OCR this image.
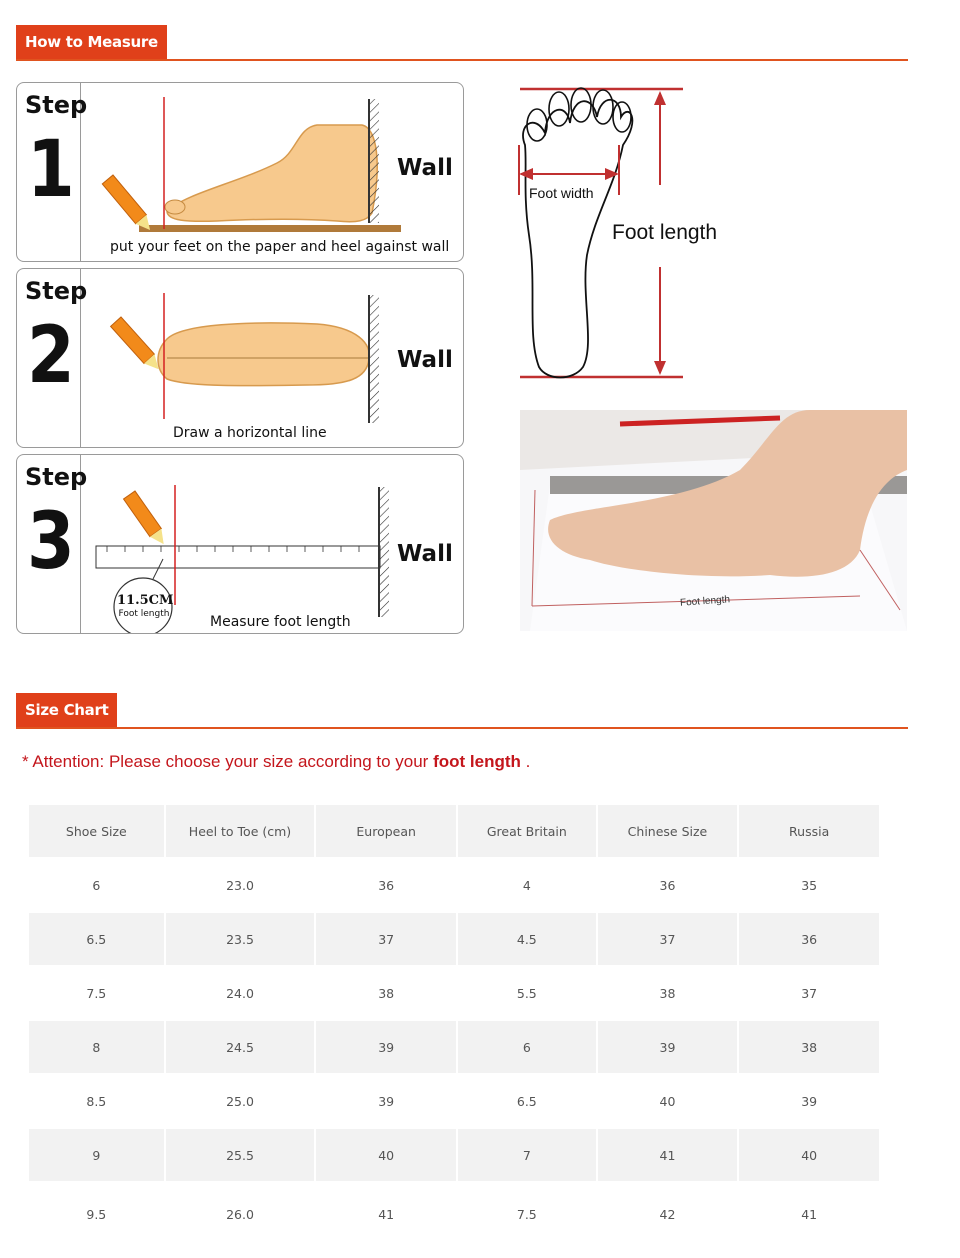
How to Measure
Step
1	Wall
put your feet on the paper and heel against wall
Step
2	Wall
Draw a horizontal line
Step
3
11.5CM
Foot length
Wall
Measure foot length
Foot width
Foot length
Foot length
Size Chart
* Attention: Please choose your size according to your foot length .
Shoe Size	Heel to Toe (cm)	European	Great Britain	Chinese Size	Russia

6	23.0	36	4	36	35

6.5	23.5	37	4.5	37	36

7.5	24.0	38	5.5	38	37

8	24.5	39	6	39	38

8.5	25.0	39	6.5	40	39

9	25.5	40	7	41	40

9.5	26.0	41	7.5	42	41
